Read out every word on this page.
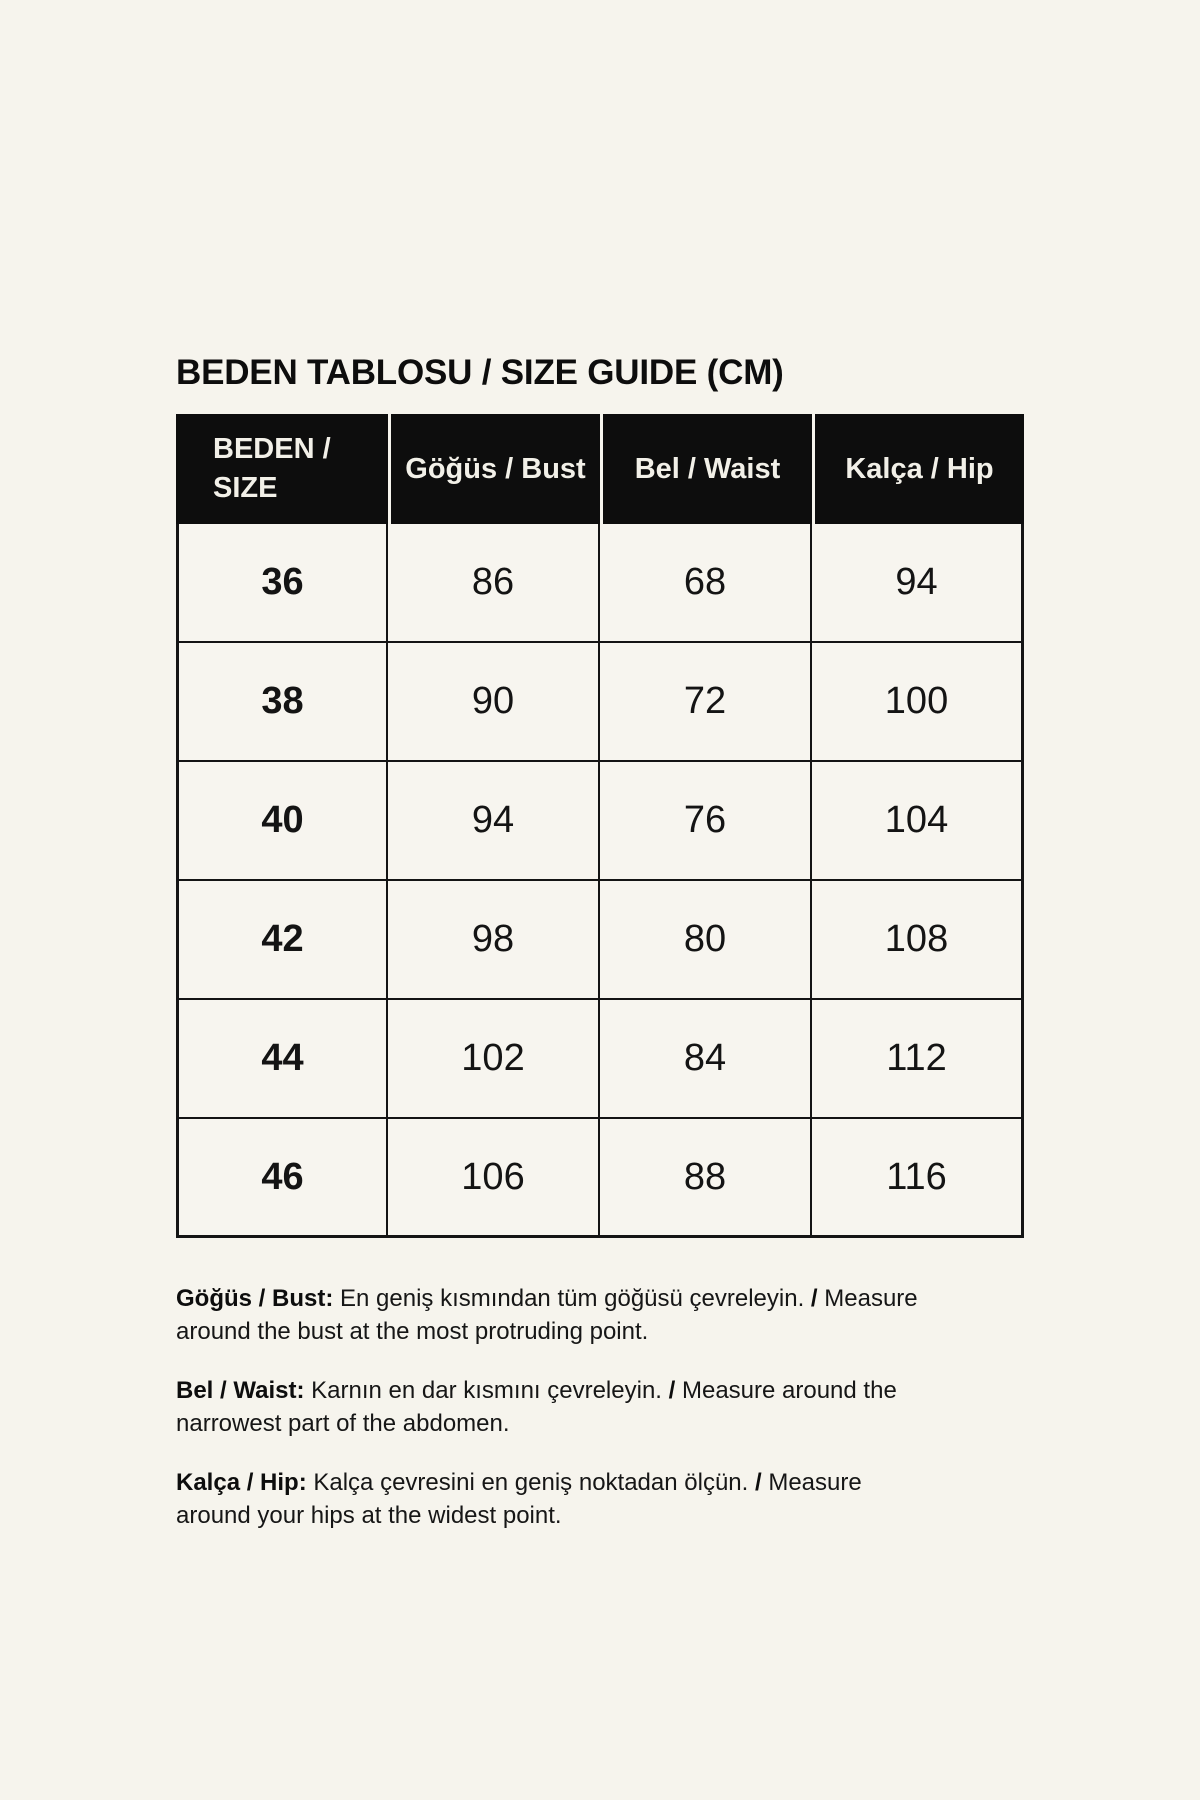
BEDEN TABLOSU / SIZE GUIDE (CM)
BEDEN / SIZE	Göğüs / Bust	Bel / Waist	Kalça / Hip
36	86	68	94
38	90	72	100
40	94	76	104
42	98	80	108
44	102	84	112
46	106	88	116

Göğüs / Bust: En geniş kısmından tüm göğüsü çevreleyin. / Measure around the bust at the most protruding point.

Bel / Waist: Karnın en dar kısmını çevreleyin. / Measure around the narrowest part of the abdomen.

Kalça / Hip: Kalça çevresini en geniş noktadan ölçün. / Measure around your hips at the widest point.
